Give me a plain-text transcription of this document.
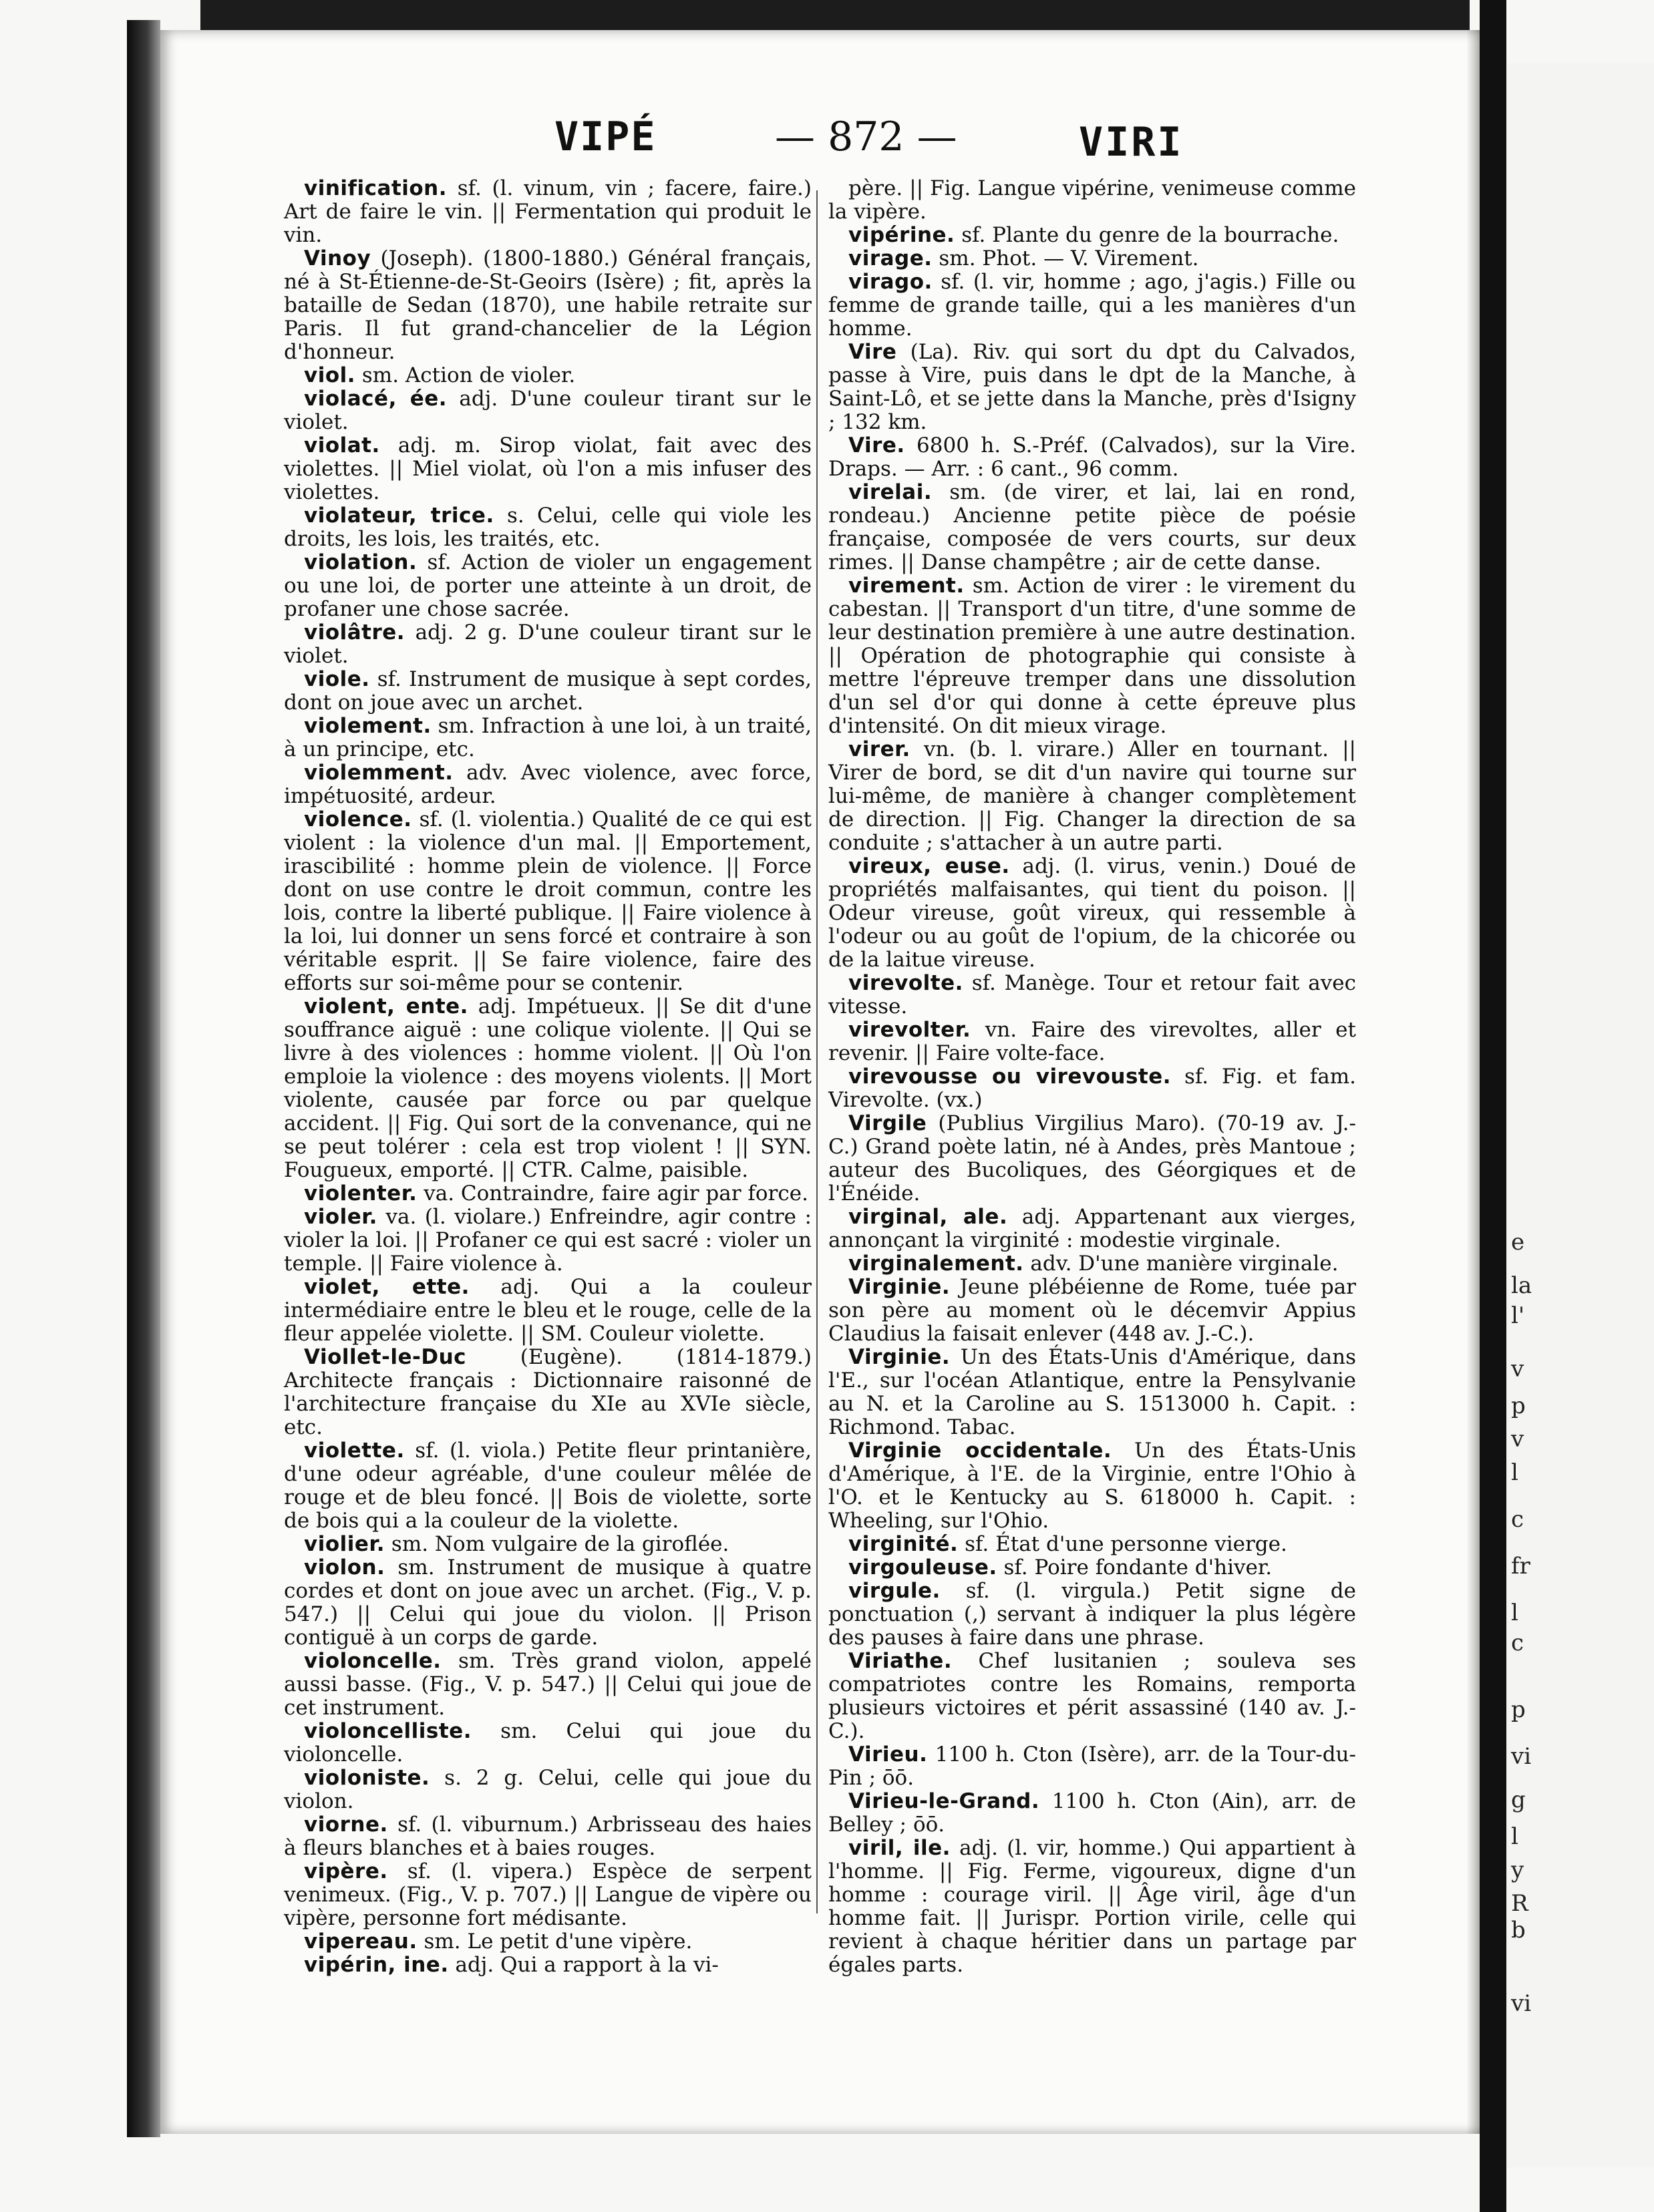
VIPÉ	— 872 —	VIRI
vinification. sf. (l. vinum, vin ; facere, faire.) Art de faire le vin. || Fermentation qui produit le vin.
Vinoy (Joseph). (1800-1880.) Général français, né à St-Étienne-de-St-Geoirs (Isère) ; fit, après la bataille de Sedan (1870), une habile retraite sur Paris. Il fut grand-chancelier de la Légion d'honneur.
viol. sm. Action de violer.
violacé, ée. adj. D'une couleur tirant sur le violet.
violat. adj. m. Sirop violat, fait avec des violettes. || Miel violat, où l'on a mis infuser des violettes.
violateur, trice. s. Celui, celle qui viole les droits, les lois, les traités, etc.
violation. sf. Action de violer un engagement ou une loi, de porter une atteinte à un droit, de profaner une chose sacrée.
violâtre. adj. 2 g. D'une couleur tirant sur le violet.
viole. sf. Instrument de musique à sept cordes, dont on joue avec un archet.
violement. sm. Infraction à une loi, à un traité, à un principe, etc.
violemment. adv. Avec violence, avec force, impétuosité, ardeur.
violence. sf. (l. violentia.) Qualité de ce qui est violent : la violence d'un mal. || Emportement, irascibilité : homme plein de violence. || Force dont on use contre le droit commun, contre les lois, contre la liberté publique. || Faire violence à la loi, lui donner un sens forcé et contraire à son véritable esprit. || Se faire violence, faire des efforts sur soi-même pour se contenir.
violent, ente. adj. Impétueux. || Se dit d'une souffrance aiguë : une colique violente. || Qui se livre à des violences : homme violent. || Où l'on emploie la violence : des moyens violents. || Mort violente, causée par force ou par quelque accident. || Fig. Qui sort de la convenance, qui ne se peut tolérer : cela est trop violent ! || SYN. Fougueux, emporté. || CTR. Calme, paisible.
violenter. va. Contraindre, faire agir par force.
violer. va. (l. violare.) Enfreindre, agir contre : violer la loi. || Profaner ce qui est sacré : violer un temple. || Faire violence à.
violet, ette. adj. Qui a la couleur intermédiaire entre le bleu et le rouge, celle de la fleur appelée violette. || SM. Couleur violette.
Viollet-le-Duc (Eugène). (1814-1879.) Architecte français : Dictionnaire raisonné de l'architecture française du XIe au XVIe siècle, etc.
violette. sf. (l. viola.) Petite fleur printanière, d'une odeur agréable, d'une couleur mêlée de rouge et de bleu foncé. || Bois de violette, sorte de bois qui a la couleur de la violette.
violier. sm. Nom vulgaire de la giroflée.
violon. sm. Instrument de musique à quatre cordes et dont on joue avec un archet. (Fig., V. p. 547.) || Celui qui joue du violon. || Prison contiguë à un corps de garde.
violoncelle. sm. Très grand violon, appelé aussi basse. (Fig., V. p. 547.) || Celui qui joue de cet instrument.
violoncelliste. sm. Celui qui joue du violoncelle.
violoniste. s. 2 g. Celui, celle qui joue du violon.
viorne. sf. (l. viburnum.) Arbrisseau des haies à fleurs blanches et à baies rouges.
vipère. sf. (l. vipera.) Espèce de serpent venimeux. (Fig., V. p. 707.) || Langue de vipère ou vipère, personne fort médisante.
vipereau. sm. Le petit d'une vipère.
vipérin, ine. adj. Qui a rapport à la vi-
père. || Fig. Langue vipérine, venimeuse comme la vipère.
vipérine. sf. Plante du genre de la bourrache.
virage. sm. Phot. — V. Virement.
virago. sf. (l. vir, homme ; ago, j'agis.) Fille ou femme de grande taille, qui a les manières d'un homme.
Vire (La). Riv. qui sort du dpt du Calvados, passe à Vire, puis dans le dpt de la Manche, à Saint-Lô, et se jette dans la Manche, près d'Isigny ; 132 km.
Vire. 6800 h. S.-Préf. (Calvados), sur la Vire. Draps. — Arr. : 6 cant., 96 comm.
virelai. sm. (de virer, et lai, lai en rond, rondeau.) Ancienne petite pièce de poésie française, composée de vers courts, sur deux rimes. || Danse champêtre ; air de cette danse.
virement. sm. Action de virer : le virement du cabestan. || Transport d'un titre, d'une somme de leur destination première à une autre destination. || Opération de photographie qui consiste à mettre l'épreuve tremper dans une dissolution d'un sel d'or qui donne à cette épreuve plus d'intensité. On dit mieux virage.
virer. vn. (b. l. virare.) Aller en tournant. || Virer de bord, se dit d'un navire qui tourne sur lui-même, de manière à changer complètement de direction. || Fig. Changer la direction de sa conduite ; s'attacher à un autre parti.
vireux, euse. adj. (l. virus, venin.) Doué de propriétés malfaisantes, qui tient du poison. || Odeur vireuse, goût vireux, qui ressemble à l'odeur ou au goût de l'opium, de la chicorée ou de la laitue vireuse.
virevolte. sf. Manège. Tour et retour fait avec vitesse.
virevolter. vn. Faire des virevoltes, aller et revenir. || Faire volte-face.
virevousse ou virevouste. sf. Fig. et fam. Virevolte. (vx.)
Virgile (Publius Virgilius Maro). (70-19 av. J.-C.) Grand poète latin, né à Andes, près Mantoue ; auteur des Bucoliques, des Géorgiques et de l'Énéide.
virginal, ale. adj. Appartenant aux vierges, annonçant la virginité : modestie virginale.
virginalement. adv. D'une manière virginale.
Virginie. Jeune plébéienne de Rome, tuée par son père au moment où le décemvir Appius Claudius la faisait enlever (448 av. J.-C.).
Virginie. Un des États-Unis d'Amérique, dans l'E., sur l'océan Atlantique, entre la Pensylvanie au N. et la Caroline au S. 1513000 h. Capit. : Richmond. Tabac.
Virginie occidentale. Un des États-Unis d'Amérique, à l'E. de la Virginie, entre l'Ohio à l'O. et le Kentucky au S. 618000 h. Capit. : Wheeling, sur l'Ohio.
virginité. sf. État d'une personne vierge.
virgouleuse. sf. Poire fondante d'hiver.
virgule. sf. (l. virgula.) Petit signe de ponctuation (,) servant à indiquer la plus légère des pauses à faire dans une phrase.
Viriathe. Chef lusitanien ; souleva ses compatriotes contre les Romains, remporta plusieurs victoires et périt assassiné (140 av. J.-C.).
Virieu. 1100 h. Cton (Isère), arr. de la Tour-du-Pin ; ōō.
Virieu-le-Grand. 1100 h. Cton (Ain), arr. de Belley ; ōō.
viril, ile. adj. (l. vir, homme.) Qui appartient à l'homme. || Fig. Ferme, vigoureux, digne d'un homme : courage viril. || Âge viril, âge d'un homme fait. || Jurispr. Portion virile, celle qui revient à chaque héritier dans un partage par égales parts.
e
la
l'
v
p
v
l
c
fr
l
c
p
vi
g
l
y
R
b
vi
